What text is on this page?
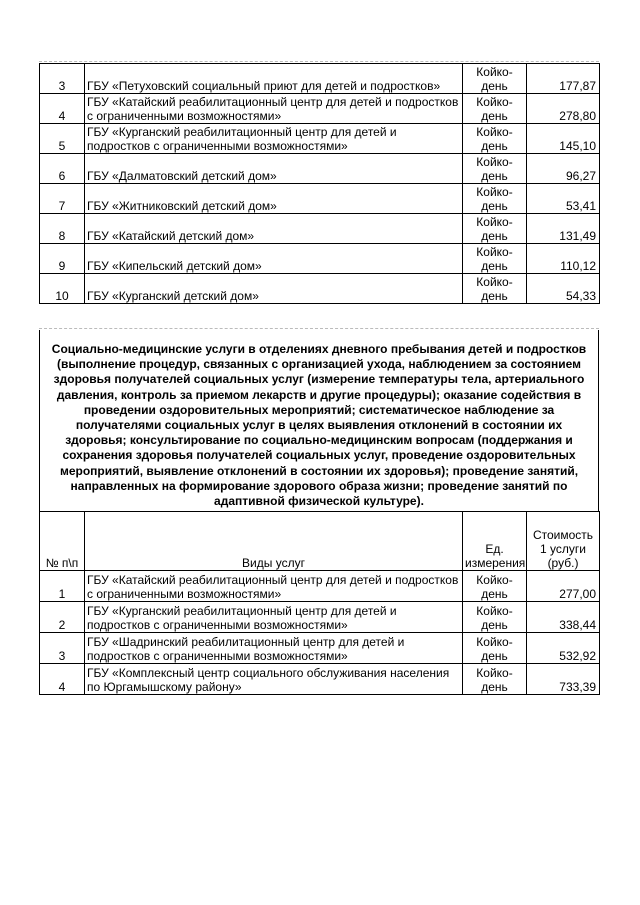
3	ГБУ «Петуховский социальный приют для детей и подростков»	Койко-день	177,87
4	ГБУ «Катайский реабилитационный центр для детей и подростков с ограниченными возможностями»	Койко-день	278,80
5	ГБУ «Курганский реабилитационный центр для детей и подростков с ограниченными возможностями»	Койко-день	145,10
6	ГБУ «Далматовский детский дом»	Койко-день	96,27
7	ГБУ «Житниковский детский дом»	Койко-день	53,41
8	ГБУ «Катайский детский дом»	Койко-день	131,49
9	ГБУ «Кипельский детский дом»	Койко-день	110,12
10	ГБУ «Курганский детский дом»	Койко-день	54,33
Социально-медицинские услуги в отделениях дневного пребывания детей и подростков (выполнение процедур, связанных с организацией ухода, наблюдением за состоянием здоровья получателей социальных услуг (измерение температуры тела, артериального давления, контроль за приемом лекарств и другие процедуры); оказание содействия в проведении оздоровительных мероприятий; систематическое наблюдение за получателями социальных услуг в целях выявления отклонений в состоянии их здоровья; консультирование по социально-медицинским вопросам (поддержания и сохранения здоровья получателей социальных услуг, проведение оздоровительных мероприятий, выявление отклонений в состоянии их здоровья); проведение занятий, направленных на формирование здорового образа жизни; проведение занятий по адаптивной физической культуре).
№ п\п	Виды услуг	Ед. измерения	Стоимость 1 услуги (руб.)
1	ГБУ «Катайский реабилитационный центр для детей и подростков с ограниченными возможностями»	Койко-день	277,00
2	ГБУ «Курганский реабилитационный центр для детей и подростков с ограниченными возможностями»	Койко-день	338,44
3	ГБУ «Шадринский реабилитационный центр для детей и подростков с ограниченными возможностями»	Койко-день	532,92
4	ГБУ «Комплексный центр социального обслуживания населения по Юргамышскому району»	Койко-день	733,39
